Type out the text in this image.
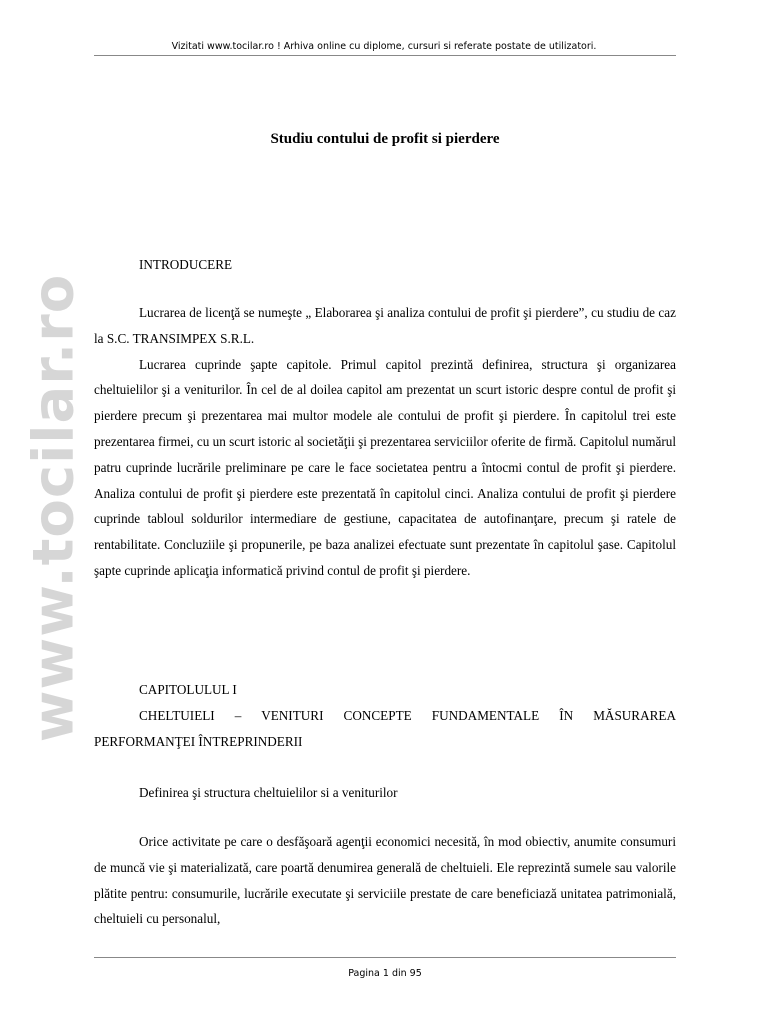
Vizitati www.tocilar.ro ! Arhiva online cu diplome, cursuri si referate postate de utilizatori.
www.tocilar.ro
Studiu contului de profit si pierdere

INTRODUCERE

Lucrarea de licenţă se numeşte „ Elaborarea şi analiza contului de profit şi pierdere”, cu studiu de caz la S.C. TRANSIMPEX S.R.L.

Lucrarea cuprinde şapte capitole. Primul capitol prezintă definirea, structura şi organizarea cheltuielilor şi a veniturilor. În cel de al doilea capitol am prezentat un scurt istoric despre contul de profit şi pierdere precum şi prezentarea mai multor modele ale contului de profit şi pierdere. În capitolul trei este prezentarea firmei, cu un scurt istoric al societăţii şi prezentarea serviciilor oferite de firmă. Capitolul numărul patru cuprinde lucrările preliminare pe care le face societatea pentru a întocmi contul de profit şi pierdere. Analiza contului de profit şi pierdere este prezentată în capitolul cinci. Analiza contului de profit şi pierdere cuprinde tabloul soldurilor intermediare de gestiune, capacitatea de autofinanţare, precum şi ratele de rentabilitate. Concluziile şi propunerile, pe baza analizei efectuate sunt prezentate în capitolul şase. Capitolul şapte cuprinde aplicaţia informatică privind contul de profit şi pierdere.

CAPITOLULUL I

CHELTUIELI – VENITURI CONCEPTE FUNDAMENTALE ÎN MĂSURAREA PERFORMANŢEI ÎNTREPRINDERII

Definirea şi structura cheltuielilor si a veniturilor

Orice activitate pe care o desfăşoară agenţii economici necesită, în mod obiectiv, anumite consumuri de muncă vie şi materializată, care poartă denumirea generală de cheltuieli. Ele reprezintă sumele sau valorile plătite pentru: consumurile, lucrările executate şi serviciile prestate de care beneficiază unitatea patrimonială, cheltuieli cu personalul,

Pagina 1 din 95
